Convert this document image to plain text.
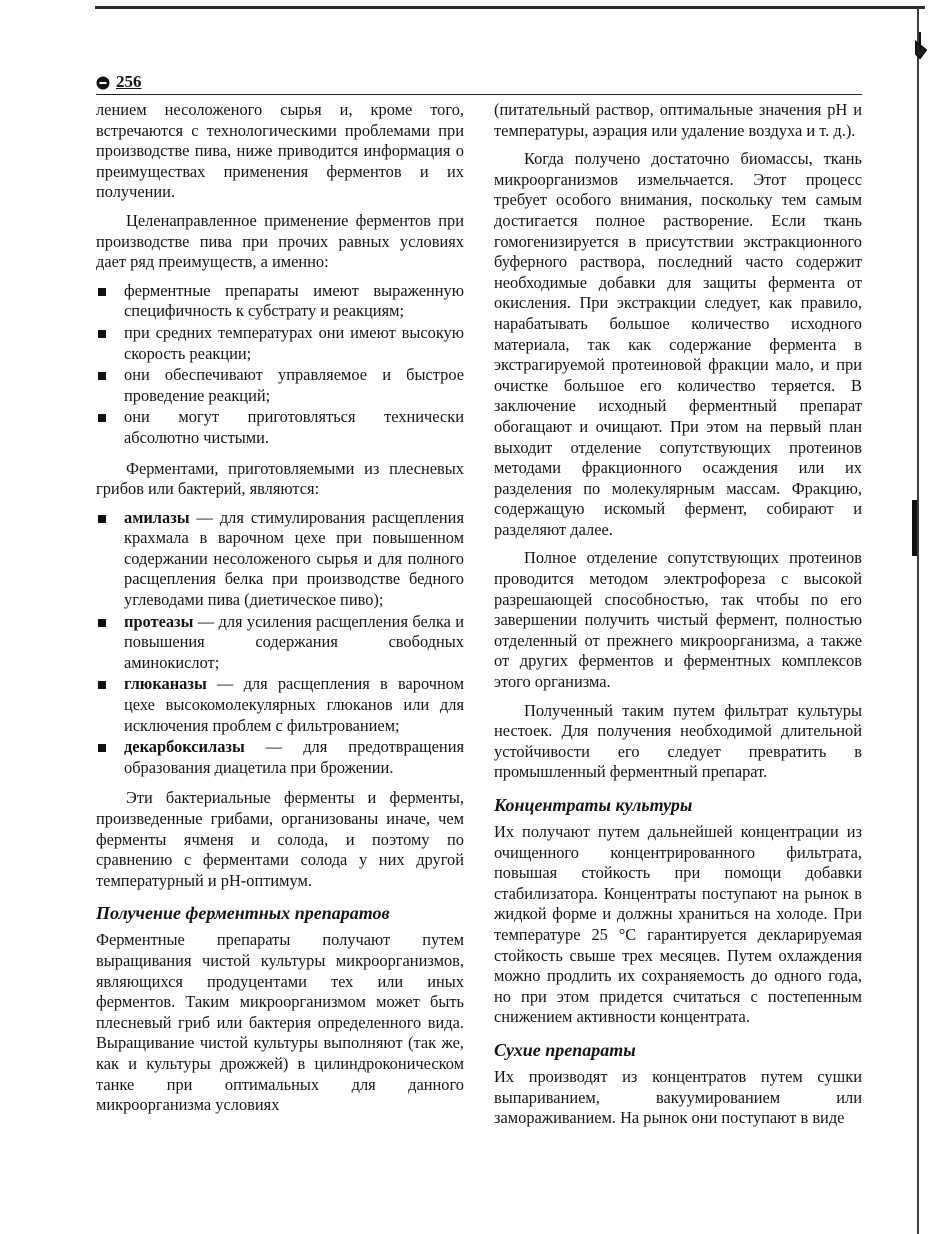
256

лением несоложеного сырья и, кроме того, встречаются с технологическими проблемами при производстве пива, ниже приводится информация о преимуществах применения ферментов и их получении.

Целенаправленное применение ферментов при производстве пива при прочих равных условиях дает ряд преимуществ, а именно:

ферментные препараты имеют выраженную специфичность к субстрату и реакциям;
при средних температурах они имеют высокую скорость реакции;
они обеспечивают управляемое и быстрое проведение реакций;
они могут приготовляться технически абсолютно чистыми.

Ферментами, приготовляемыми из плесневых грибов или бактерий, являются:

амилазы — для стимулирования расщепления крахмала в варочном цехе при повышенном содержании несоложеного сырья и для полного расщепления белка при производстве бедного углеводами пива (диетическое пиво);
протеазы — для усиления расщепления белка и повышения содержания свободных аминокислот;
глюканазы — для расщепления в варочном цехе высокомолекулярных глюканов или для исключения проблем с фильтрованием;
декарбоксилазы — для предотвращения образования диацетила при брожении.

Эти бактериальные ферменты и ферменты, произведенные грибами, организованы иначе, чем ферменты ячменя и солода, и поэтому по сравнению с ферментами солода у них другой температурный и pH-оптимум.

Получение ферментных препаратов

Ферментные препараты получают путем выращивания чистой культуры микроорганизмов, являющихся продуцентами тех или иных ферментов. Таким микроорганизмом может быть плесневый гриб или бактерия определенного вида. Выращивание чистой культуры выполняют (так же, как и культуры дрожжей) в цилиндроконическом танке при оптимальных для данного микроорганизма условиях

(питательный раствор, оптимальные значения pH и температуры, аэрация или удаление воздуха и т. д.).

Когда получено достаточно биомассы, ткань микроорганизмов измельчается. Этот процесс требует особого внимания, поскольку тем самым достигается полное растворение. Если ткань гомогенизируется в присутствии экстракционного буферного раствора, последний часто содержит необходимые добавки для защиты фермента от окисления. При экстракции следует, как правило, нарабатывать большое количество исходного материала, так как содержание фермента в экстрагируемой протеиновой фракции мало, и при очистке большое его количество теряется. В заключение исходный ферментный препарат обогащают и очищают. При этом на первый план выходит отделение сопутствующих протеинов методами фракционного осаждения или их разделения по молекулярным массам. Фракцию, содержащую искомый фермент, собирают и разделяют далее.

Полное отделение сопутствующих протеинов проводится методом электрофореза с высокой разрешающей способностью, так чтобы по его завершении получить чистый фермент, полностью отделенный от прежнего микроорганизма, а также от других ферментов и ферментных комплексов этого организма.

Полученный таким путем фильтрат культуры нестоек. Для получения необходимой длительной устойчивости его следует превратить в промышленный ферментный препарат.

Концентраты культуры

Их получают путем дальнейшей концентрации из очищенного концентрированного фильтрата, повышая стойкость при помощи добавки стабилизатора. Концентраты поступают на рынок в жидкой форме и должны храниться на холоде. При температуре 25 °С гарантируется декларируемая стойкость свыше трех месяцев. Путем охлаждения можно продлить их сохраняемость до одного года, но при этом придется считаться с постепенным снижением активности концентрата.

Сухие препараты

Их производят из концентратов путем сушки выпариванием, вакуумированием или замораживанием. На рынок они поступают в виде
